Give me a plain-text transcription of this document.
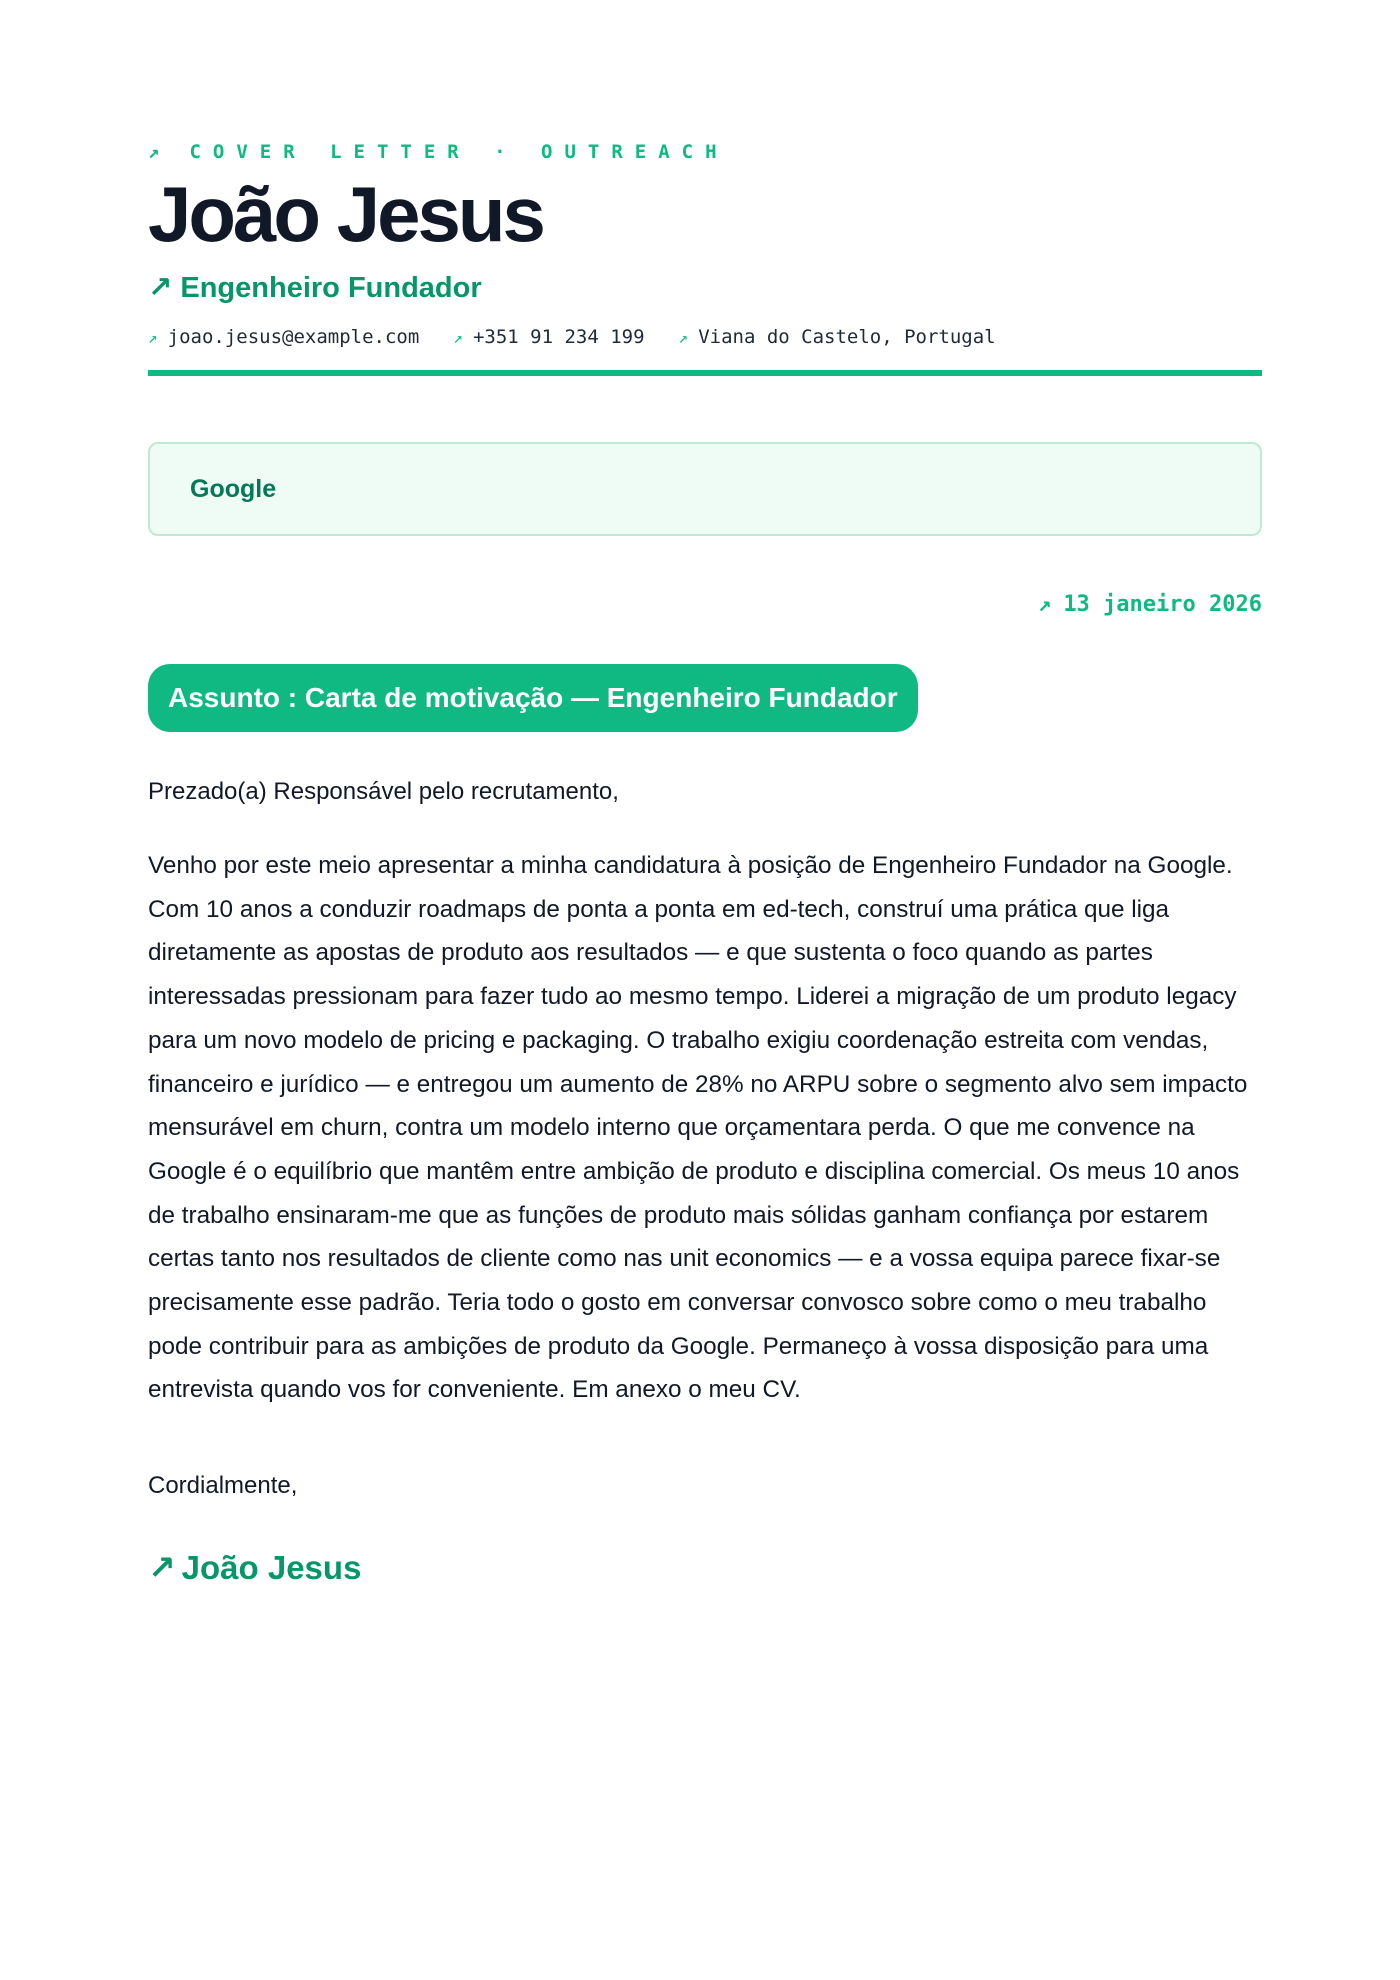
↗ COVER LETTER · OUTREACH
João Jesus
↗ Engenheiro Fundador
↗ joao.jesus@example.com ↗ +351 91 234 199 ↗ Viana do Castelo, Portugal
Google
↗ 13 janeiro 2026
Assunto : Carta de motivação — Engenheiro Fundador
Prezado(a) Responsável pelo recrutamento,
Venho por este meio apresentar a minha candidatura à posição de Engenheiro Fundador na Google. Com 10 anos a conduzir roadmaps de ponta a ponta em ed-tech, construí uma prática que liga diretamente as apostas de produto aos resultados — e que sustenta o foco quando as partes interessadas pressionam para fazer tudo ao mesmo tempo. Liderei a migração de um produto legacy para um novo modelo de pricing e packaging. O trabalho exigiu coordenação estreita com vendas, financeiro e jurídico — e entregou um aumento de 28% no ARPU sobre o segmento alvo sem impacto mensurável em churn, contra um modelo interno que orçamentara perda. O que me convence na Google é o equilíbrio que mantêm entre ambição de produto e disciplina comercial. Os meus 10 anos de trabalho ensinaram-me que as funções de produto mais sólidas ganham confiança por estarem certas tanto nos resultados de cliente como nas unit economics — e a vossa equipa parece fixar-se precisamente esse padrão. Teria todo o gosto em conversar convosco sobre como o meu trabalho pode contribuir para as ambições de produto da Google. Permaneço à vossa disposição para uma entrevista quando vos for conveniente. Em anexo o meu CV.
Cordialmente,
↗ João Jesus
